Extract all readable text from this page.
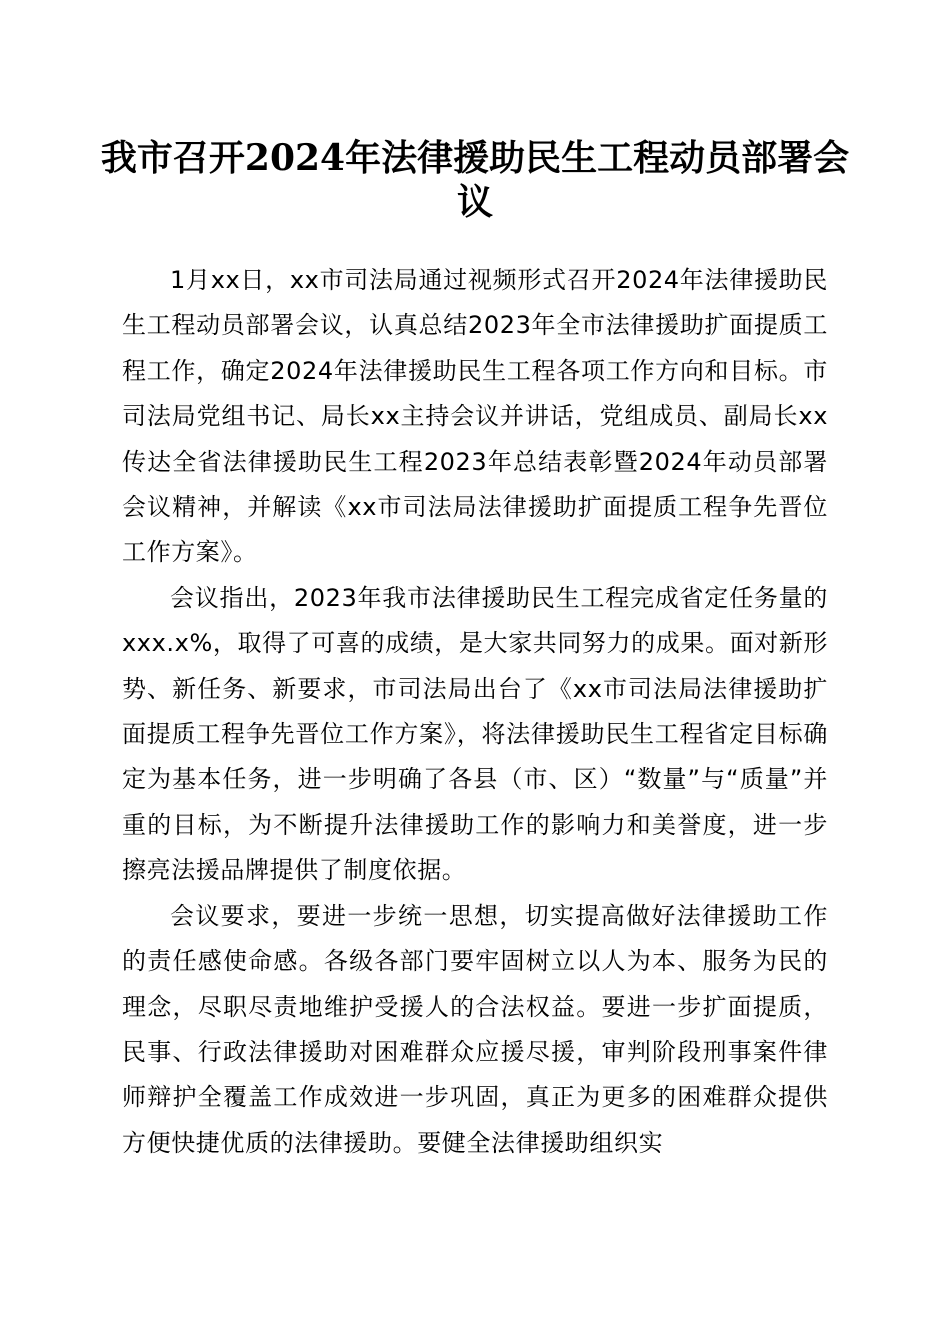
我市召开2024年法律援助民生工程动员部署会议

1月xx日，xx市司法局通过视频形式召开2024年法律援助民生工程动员部署会议，认真总结2023年全市法律援助扩面提质工程工作，确定2024年法律援助民生工程各项工作方向和目标。市司法局党组书记、局长xx主持会议并讲话，党组成员、副局长xx传达全省法律援助民生工程2023年总结表彰暨2024年动员部署会议精神，并解读《xx市司法局法律援助扩面提质工程争先晋位工作方案》。

会议指出，2023年我市法律援助民生工程完成省定任务量的xxx.x%，取得了可喜的成绩，是大家共同努力的成果。面对新形势、新任务、新要求，市司法局出台了《xx市司法局法律援助扩面提质工程争先晋位工作方案》，将法律援助民生工程省定目标确定为基本任务，进一步明确了各县（市、区）“数量”与“质量”并重的目标，为不断提升法律援助工作的影响力和美誉度，进一步擦亮法援品牌提供了制度依据。

会议要求，要进一步统一思想，切实提高做好法律援助工作的责任感使命感。各级各部门要牢固树立以人为本、服务为民的理念，尽职尽责地维护受援人的合法权益。要进一步扩面提质，民事、行政法律援助对困难群众应援尽援，审判阶段刑事案件律师辩护全覆盖工作成效进一步巩固，真正为更多的困难群众提供方便快捷优质的法律援助。要健全法律援助组织实
